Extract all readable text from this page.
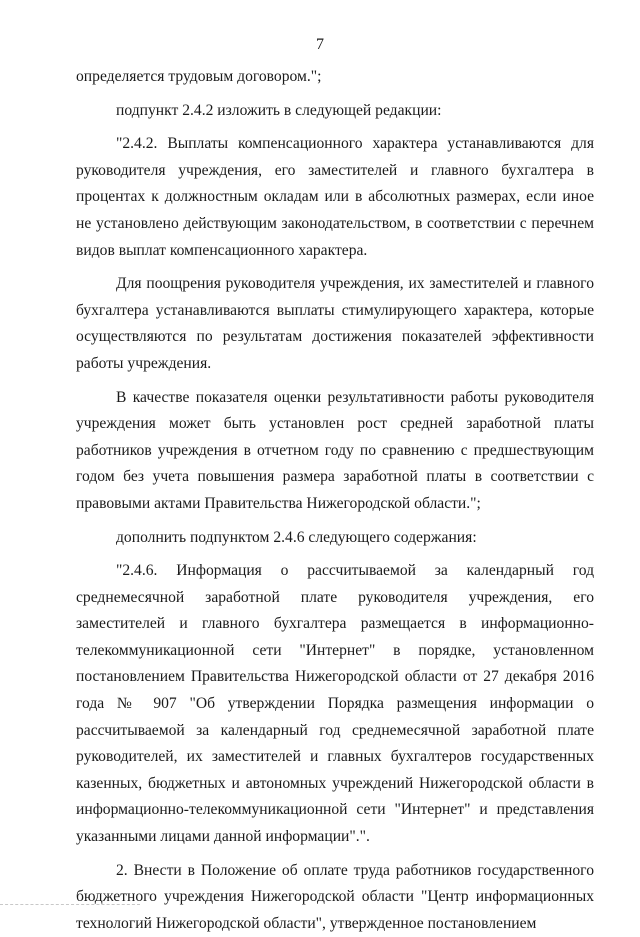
7

определяется трудовым договором.";

подпункт 2.4.2 изложить в следующей редакции:

"2.4.2. Выплаты компенсационного характера устанавливаются для руководителя учреждения, его заместителей и главного бухгалтера в процентах к должностным окладам или в абсолютных размерах, если иное не установлено действующим законодательством, в соответствии с перечнем видов выплат компенсационного характера.

Для поощрения руководителя учреждения, их заместителей и главного бухгалтера устанавливаются выплаты стимулирующего характера, которые осуществляются по результатам достижения показателей эффективности работы учреждения.

В качестве показателя оценки результативности работы руководителя учреждения может быть установлен рост средней заработной платы работников учреждения в отчетном году по сравнению с предшествующим годом без учета повышения размера заработной платы в соответствии с правовыми актами Правительства Нижегородской области.";

дополнить подпунктом 2.4.6 следующего содержания:

"2.4.6. Информация о рассчитываемой за календарный год среднемесячной заработной плате руководителя учреждения, его заместителей и главного бухгалтера размещается в информационно-телекоммуникационной сети "Интернет" в порядке, установленном постановлением Правительства Нижегородской области от 27 декабря 2016 года № 907 "Об утверждении Порядка размещения информации о рассчитываемой за календарный год среднемесячной заработной плате руководителей, их заместителей и главных бухгалтеров государственных казенных, бюджетных и автономных учреждений Нижегородской области в информационно-телекоммуникационной сети "Интернет" и представления указанными лицами данной информации".".

2. Внести в Положение об оплате труда работников государственного бюджетного учреждения Нижегородской области "Центр информационных технологий Нижегородской области", утвержденное постановлением
